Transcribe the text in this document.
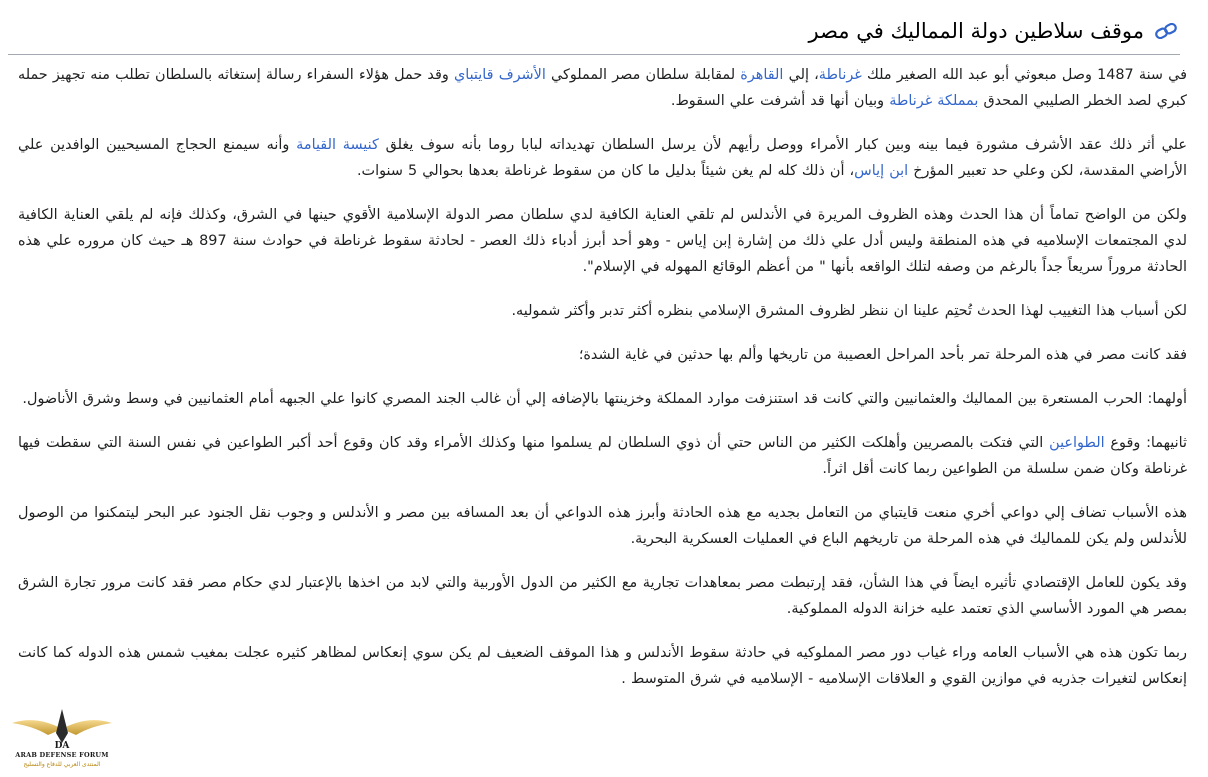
موقف سلاطين دولة المماليك في مصر

في سنة 1487 وصل مبعوثي أبو عبد الله الصغير ملك غرناطة، إلي القاهرة لمقابلة سلطان مصر المملوكي الأشرف قايتباي وقد حمل هؤلاء السفراء رسالة إستغاثه بالسلطان تطلب منه تجهيز حمله كبري لصد الخطر الصليبي المحدق بمملكة غرناطة وبيان أنها قد أشرفت علي السقوط.

علي أثر ذلك عقد الأشرف مشورة فيما بينه وبين كبار الأمراء ووصل رأيهم لأن يرسل السلطان تهديداته لبابا روما بأنه سوف يغلق كنيسة القيامة وأنه سيمنع الحجاج المسيحيين الوافدين علي الأراضي المقدسة، لكن وعلي حد تعبير المؤرخ ابن إياس، أن ذلك كله لم يغن شيئاً بدليل ما كان من سقوط غرناطة بعدها بحوالي 5 سنوات.

ولكن من الواضح تماماً أن هذا الحدث وهذه الظروف المريرة في الأندلس لم تلقي العناية الكافية لدي سلطان مصر الدولة الإسلامية الأقوي حينها في الشرق، وكذلك فإنه لم يلقي العناية الكافية لدي المجتمعات الإسلاميه في هذه المنطقة وليس أدل علي ذلك من إشارة إبن إياس - وهو أحد أبرز أدباء ذلك العصر - لحادثة سقوط غرناطة في حوادث سنة 897 هـ حيث كان مروره علي هذه الحادثة مروراً سريعاً جداً بالرغم من وصفه لتلك الواقعه بأنها " من أعظم الوقائع المهوله في الإسلام".

لكن أسباب هذا التغييب لهذا الحدث تُحتِم علينا ان ننظر لظروف المشرق الإسلامي بنظره أكثر تدبر وأكثر شموليه.

فقد كانت مصر في هذه المرحلة تمر بأحد المراحل العصيبة من تاريخها وألم بها حدثين في غاية الشدة؛

أولهما: الحرب المستعرة بين المماليك والعثمانيين والتي كانت قد استنزفت موارد المملكة وخزينتها بالإضافه إلي أن غالب الجند المصري كانوا علي الجبهه أمام العثمانيين في وسط وشرق الأناضول.

ثانيهما: وقوع الطواعين التي فتكت بالمصريين وأهلكت الكثير من الناس حتي أن ذوي السلطان لم يسلموا منها وكذلك الأمراء وقد كان وقوع أحد أكبر الطواعين في نفس السنة التي سقطت فيها غرناطة وكان ضمن سلسلة من الطواعين ربما كانت أقل اثراً.

هذه الأسباب تضاف إلي دواعي أخري منعت قايتباي من التعامل بجديه مع هذه الحادثة وأبرز هذه الدواعي أن بعد المسافه بين مصر و الأندلس و وجوب نقل الجنود عبر البحر ليتمكنوا من الوصول للأندلس ولم يكن للمماليك في هذه المرحلة من تاريخهم الباع في العمليات العسكرية البحرية.

وقد يكون للعامل الإقتصادي تأثيره ايضاً في هذا الشأن، فقد إرتبطت مصر بمعاهدات تجارية مع الكثير من الدول الأوربية والتي لابد من اخذها بالإعتبار لدي حكام مصر فقد كانت مرور تجارة الشرق بمصر هي المورد الأساسي الذي تعتمد عليه خزانة الدوله المملوكية.

ربما تكون هذه هي الأسباب العامه وراء غياب دور مصر المملوكيه في حادثة سقوط الأندلس و هذا الموقف الضعيف لم يكن سوي إنعكاس لمظاهر كثيره عجلت بمغيب شمس هذه الدوله كما كانت إنعكاس لتغيرات جذريه في موازين القوي و العلاقات الإسلاميه - الإسلاميه في شرق المتوسط .

DA
ARAB DEFENSE FORUM
المنتدى العربي للدفاع والتسليح
